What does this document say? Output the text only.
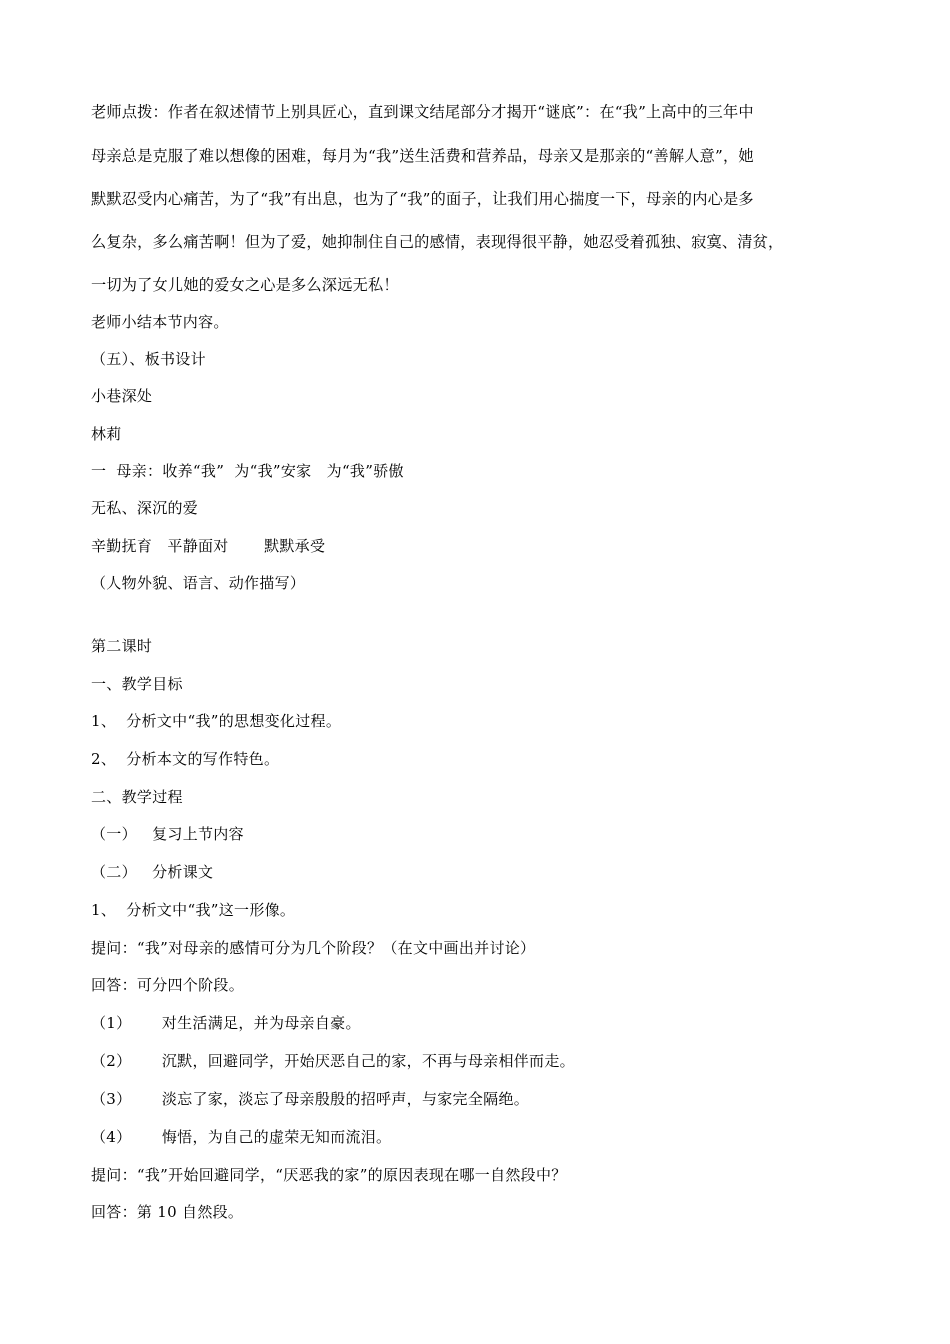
老师点拨：作者在叙述情节上别具匠心，直到课文结尾部分才揭开“谜底”：在“我”上高中的三年中
母亲总是克服了难以想像的困难，每月为“我”送生活费和营养品，母亲又是那亲的“善解人意”，她
默默忍受内心痛苦，为了“我”有出息，也为了“我”的面子，让我们用心揣度一下，母亲的内心是多
么复杂，多么痛苦啊！但为了爱，她抑制住自己的感情，表现得很平静，她忍受着孤独、寂寞、清贫，
一切为了女儿她的爱女之心是多么深远无私！
老师小结本节内容。
（五）、板书设计
小巷深处
林莉
一  母亲：收养“我”  为“我”安家   为“我”骄傲
无私、深沉的爱
辛勤抚育   平静面对       默默承受
（人物外貌、语言、动作描写）
第二课时
一、教学目标
1、  分析文中“我”的思想变化过程。
2、  分析本文的写作特色。
二、教学过程
（一）   复习上节内容
（二）   分析课文
1、  分析文中“我”这一形像。
提问：“我”对母亲的感情可分为几个阶段？（在文中画出并讨论）
回答：可分四个阶段。
（1）      对生活满足，并为母亲自豪。
（2）      沉默，回避同学，开始厌恶自己的家，不再与母亲相伴而走。
（3）      淡忘了家，淡忘了母亲殷殷的招呼声，与家完全隔绝。
（4）      悔悟，为自己的虚荣无知而流泪。
提问：“我”开始回避同学，“厌恶我的家”的原因表现在哪一自然段中？
回答：第 10 自然段。
